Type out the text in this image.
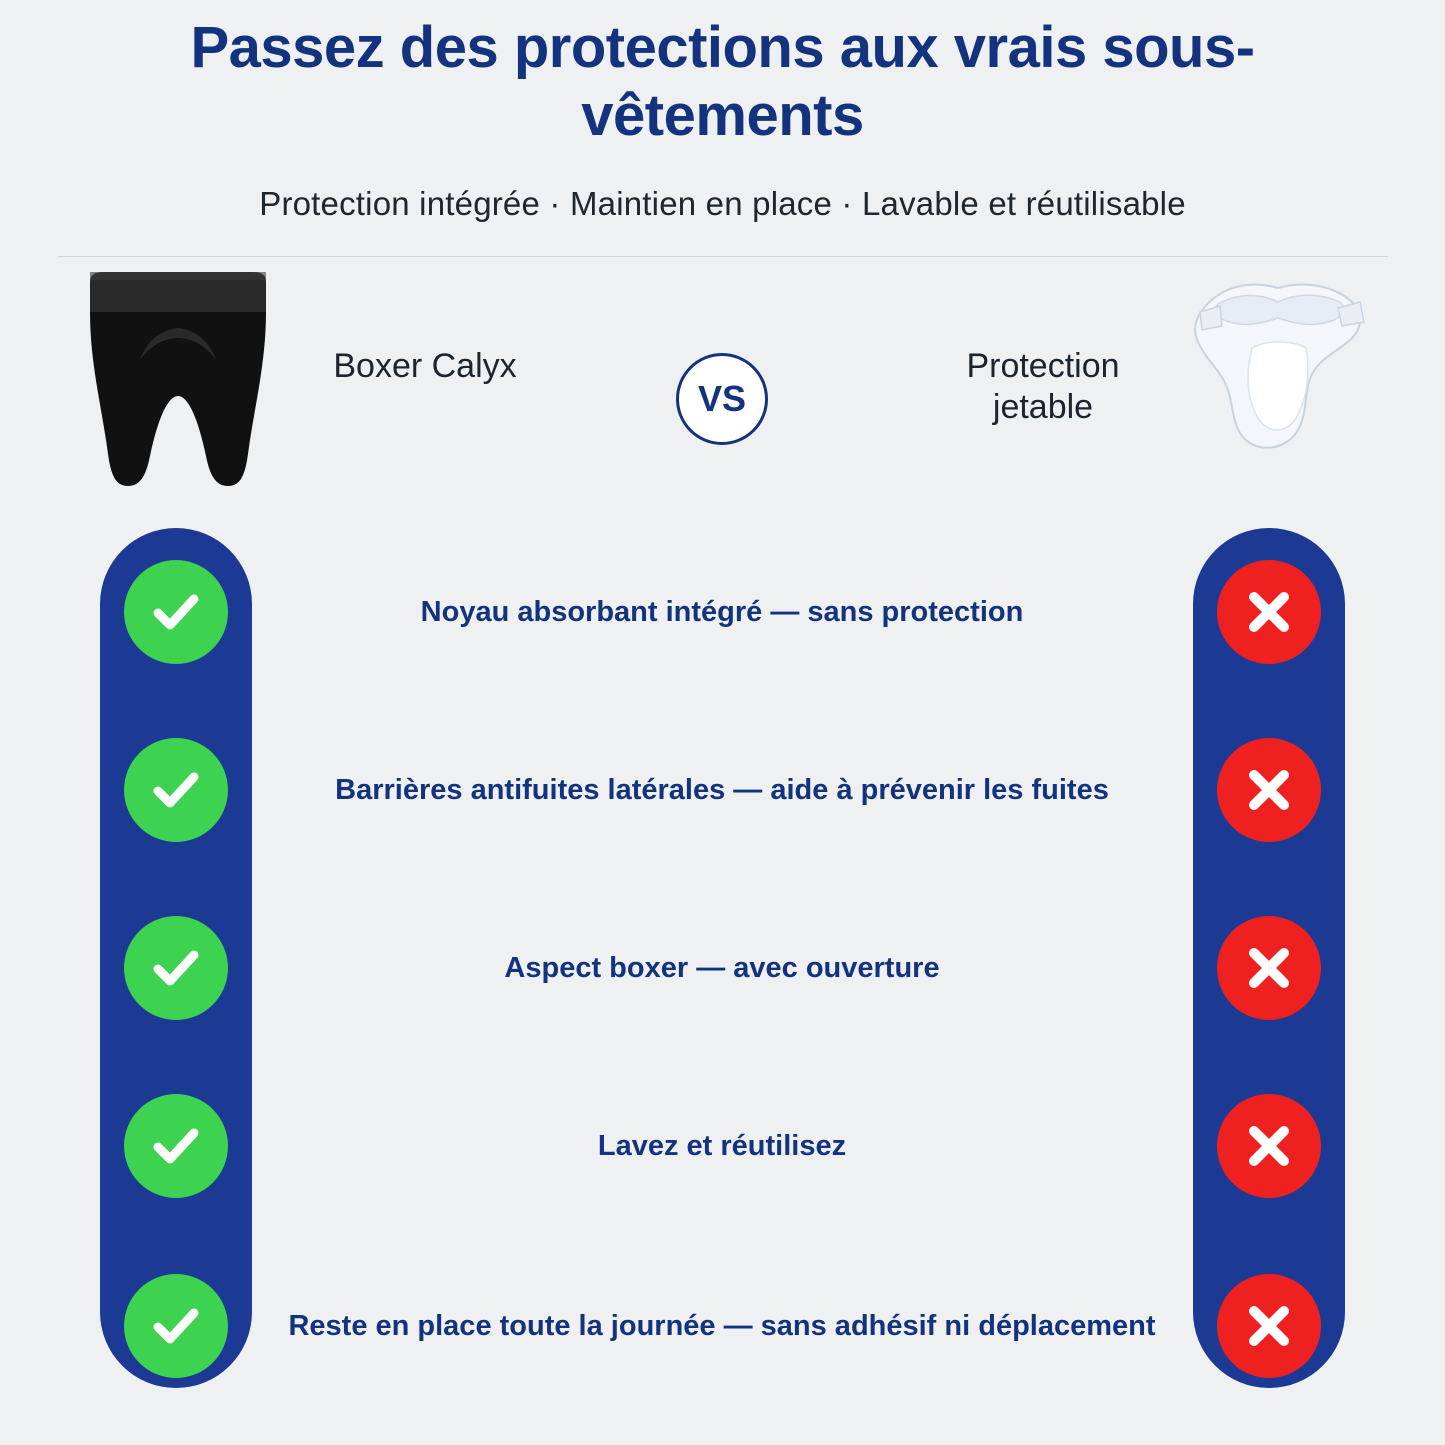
Passez des protections aux vrais sous-vêtements
Protection intégrée · Maintien en place · Lavable et réutilisable
Boxer Calyx
VS
Protection jetable
Noyau absorbant intégré — sans protection
Barrières antifuites latérales — aide à prévenir les fuites
Aspect boxer — avec ouverture
Lavez et réutilisez
Reste en place toute la journée — sans adhésif ni déplacement
